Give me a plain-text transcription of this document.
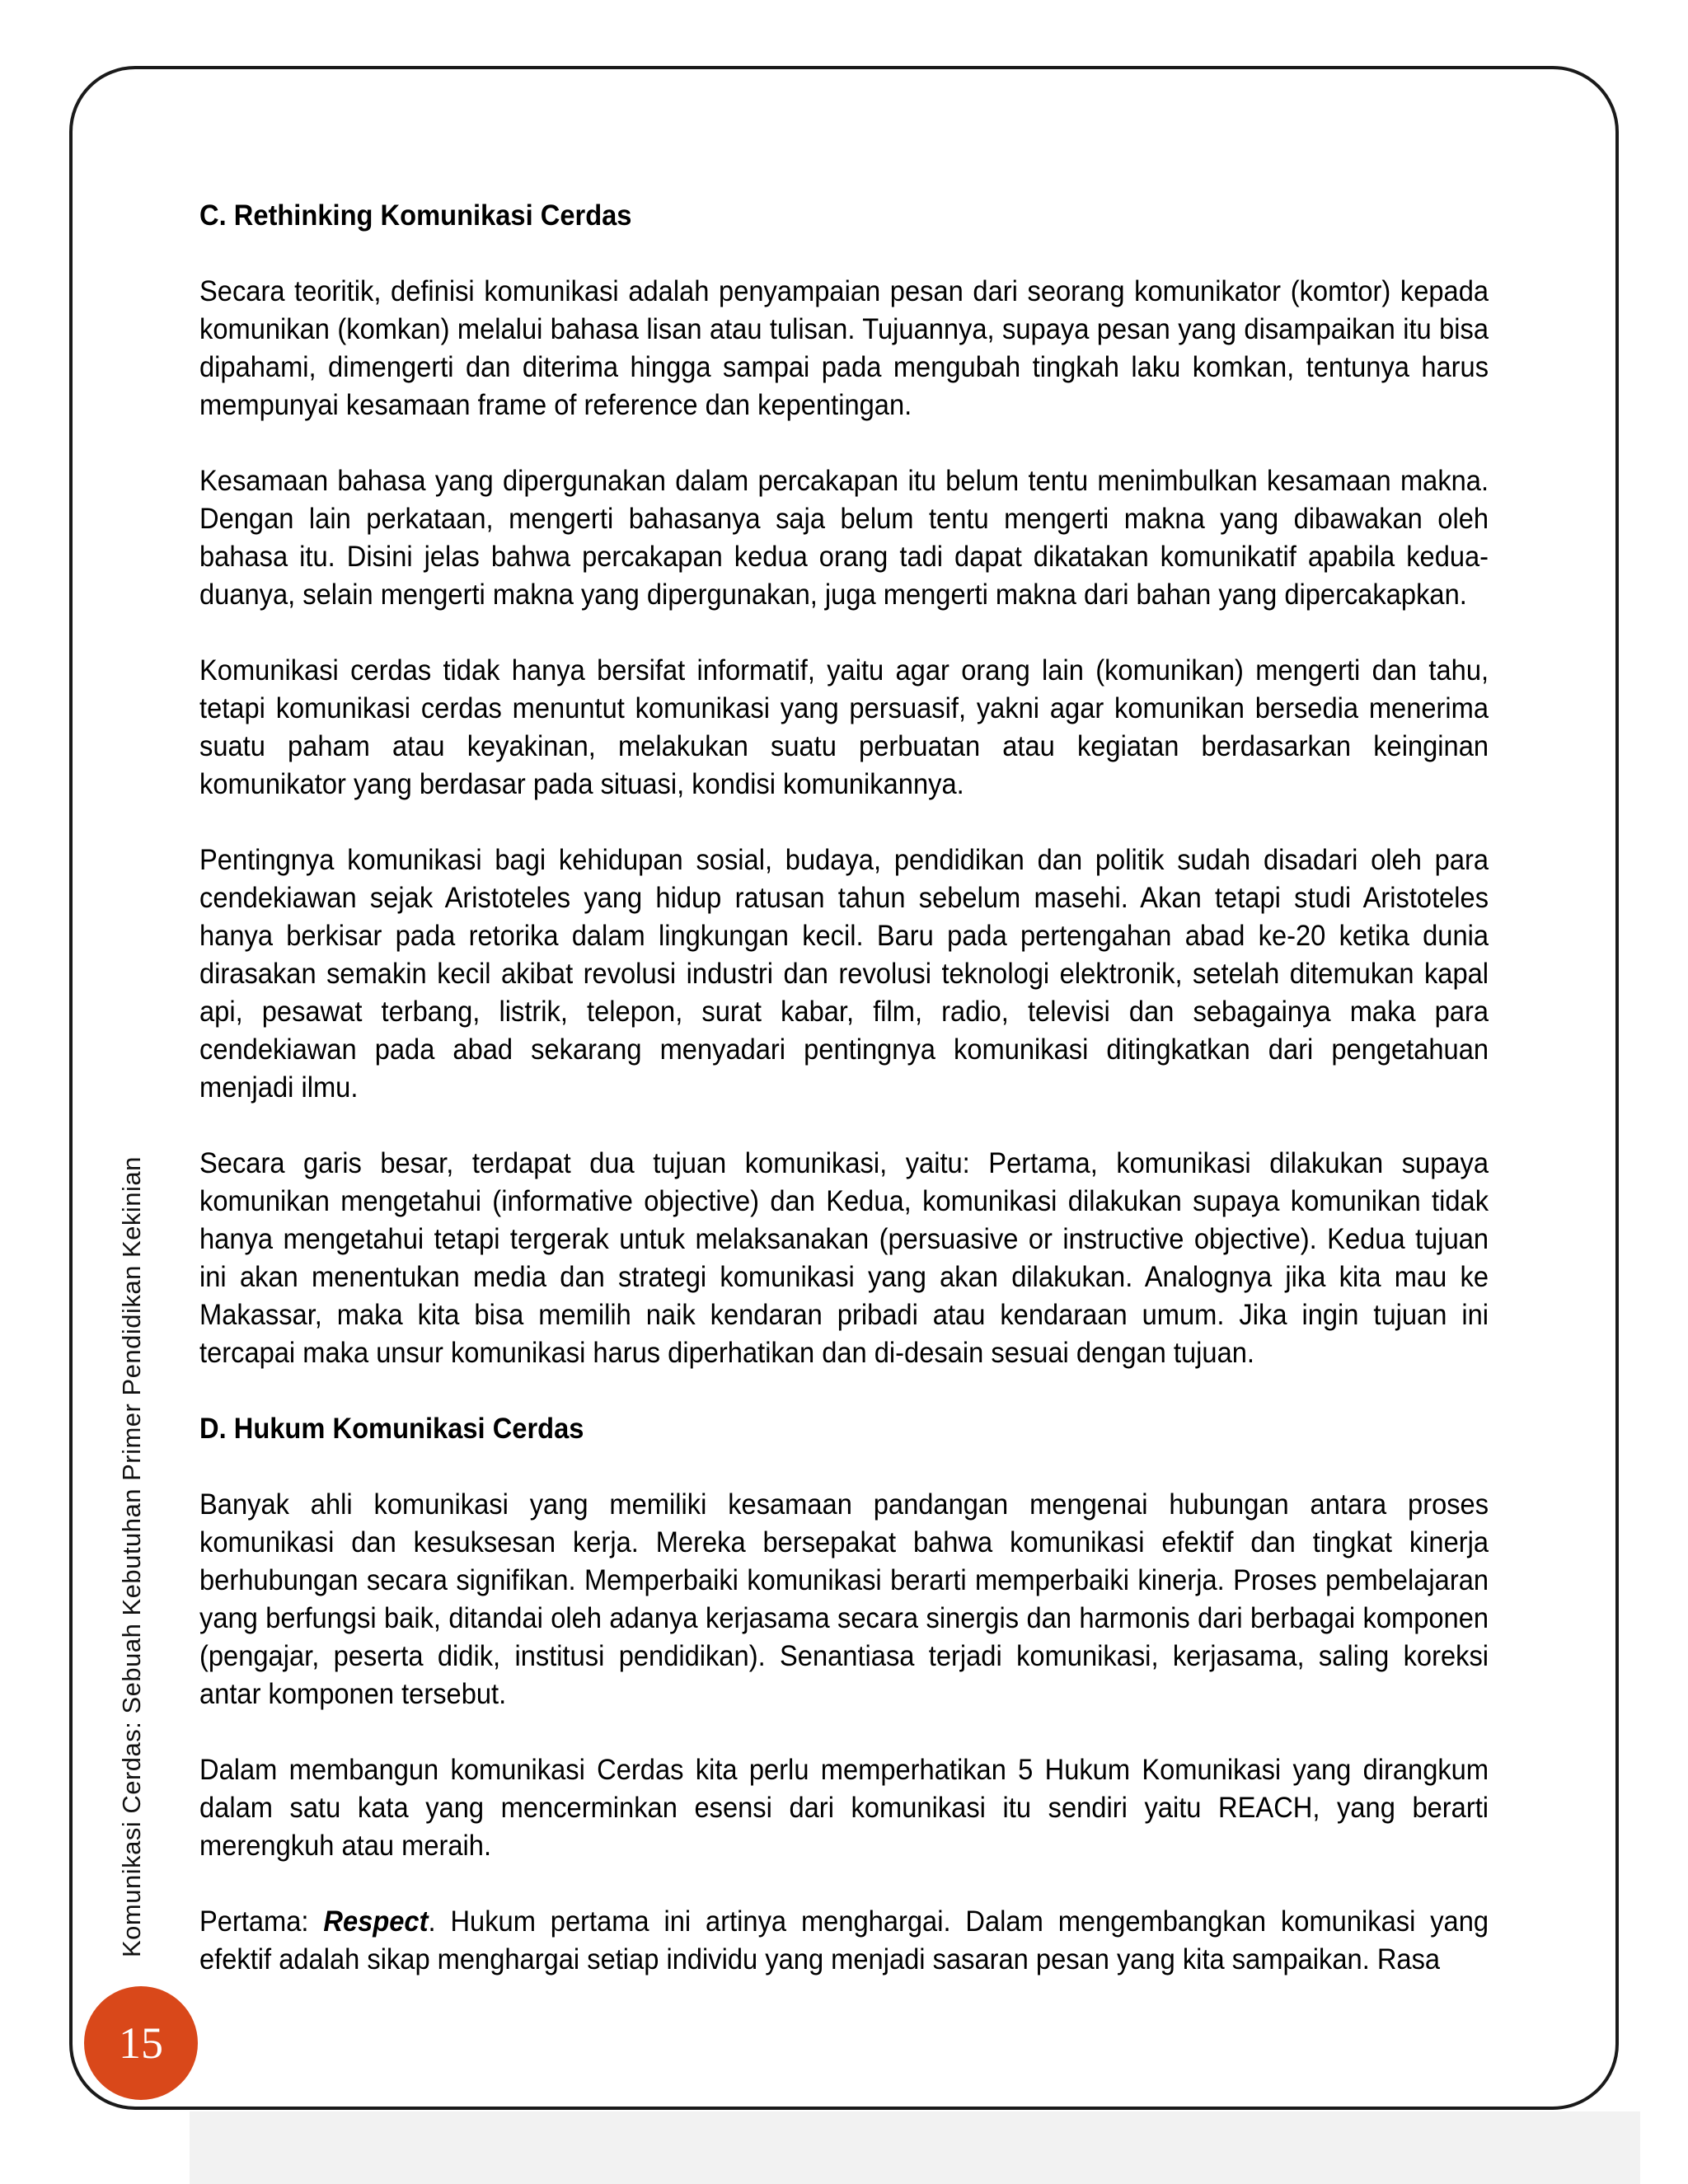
C. Rethinking Komunikasi Cerdas

Secara teoritik, definisi komunikasi adalah penyampaian pesan dari seorang komunikator (komtor) kepada komunikan (komkan) melalui bahasa lisan atau tulisan. Tujuannya, supaya pesan yang disampaikan itu bisa dipahami, dimengerti dan diterima hingga sampai pada mengubah tingkah laku komkan, tentunya harus mempunyai kesamaan frame of reference dan kepentingan.

Kesamaan bahasa yang dipergunakan dalam percakapan itu belum tentu menimbulkan kesamaan makna. Dengan lain perkataan, mengerti bahasanya saja belum tentu mengerti makna yang dibawakan oleh bahasa itu. Disini jelas bahwa percakapan kedua orang tadi dapat dikatakan komunikatif apabila kedua-duanya, selain mengerti makna yang dipergunakan, juga mengerti makna dari bahan yang dipercakapkan.

Komunikasi cerdas tidak hanya bersifat informatif, yaitu agar orang lain (komunikan) mengerti dan tahu, tetapi komunikasi cerdas menuntut komunikasi yang persuasif, yakni agar komunikan bersedia menerima suatu paham atau keyakinan, melakukan suatu perbuatan atau kegiatan berdasarkan keinginan komunikator yang berdasar pada situasi, kondisi komunikannya.

Pentingnya komunikasi bagi kehidupan sosial, budaya, pendidikan dan politik sudah disadari oleh para cendekiawan sejak Aristoteles yang hidup ratusan tahun sebelum masehi. Akan tetapi studi Aristoteles hanya berkisar pada retorika dalam lingkungan kecil. Baru pada pertengahan abad ke-20 ketika dunia dirasakan semakin kecil akibat revolusi industri dan revolusi teknologi elektronik, setelah ditemukan kapal api, pesawat terbang, listrik, telepon, surat kabar, film, radio, televisi dan sebagainya maka para cendekiawan pada abad sekarang menyadari pentingnya komunikasi ditingkatkan dari pengetahuan menjadi ilmu.

Secara garis besar, terdapat dua tujuan komunikasi, yaitu: Pertama, komunikasi dilakukan supaya komunikan mengetahui (informative objective) dan Kedua, komunikasi dilakukan supaya komunikan tidak hanya mengetahui tetapi tergerak untuk melaksanakan (persuasive or instructive objective). Kedua tujuan ini akan menentukan media dan strategi komunikasi yang akan dilakukan. Analognya jika kita mau ke Makassar, maka kita bisa memilih naik kendaran pribadi atau kendaraan umum. Jika ingin tujuan ini tercapai maka unsur komunikasi harus diperhatikan dan di-desain sesuai dengan tujuan.

D. Hukum Komunikasi Cerdas

Banyak ahli komunikasi yang memiliki kesamaan pandangan mengenai hubungan antara proses komunikasi dan kesuksesan kerja. Mereka bersepakat bahwa komunikasi efektif dan tingkat kinerja berhubungan secara signifikan. Memperbaiki komunikasi berarti memperbaiki kinerja. Proses pembelajaran yang berfungsi baik, ditandai oleh adanya kerjasama secara sinergis dan harmonis dari berbagai komponen (pengajar, peserta didik, institusi pendidikan). Senantiasa terjadi komunikasi, kerjasama, saling koreksi antar komponen tersebut.

Dalam membangun komunikasi Cerdas kita perlu memperhatikan 5 Hukum Komunikasi yang dirangkum dalam satu kata yang mencerminkan esensi dari komunikasi itu sendiri yaitu REACH, yang berarti merengkuh atau meraih.

Pertama: Respect. Hukum pertama ini artinya menghargai. Dalam mengembangkan komunikasi yang efektif adalah sikap menghargai setiap individu yang menjadi sasaran pesan yang kita sampaikan. Rasa

Komunikasi Cerdas: Sebuah Kebutuhan Primer Pendidikan Kekinian
15
